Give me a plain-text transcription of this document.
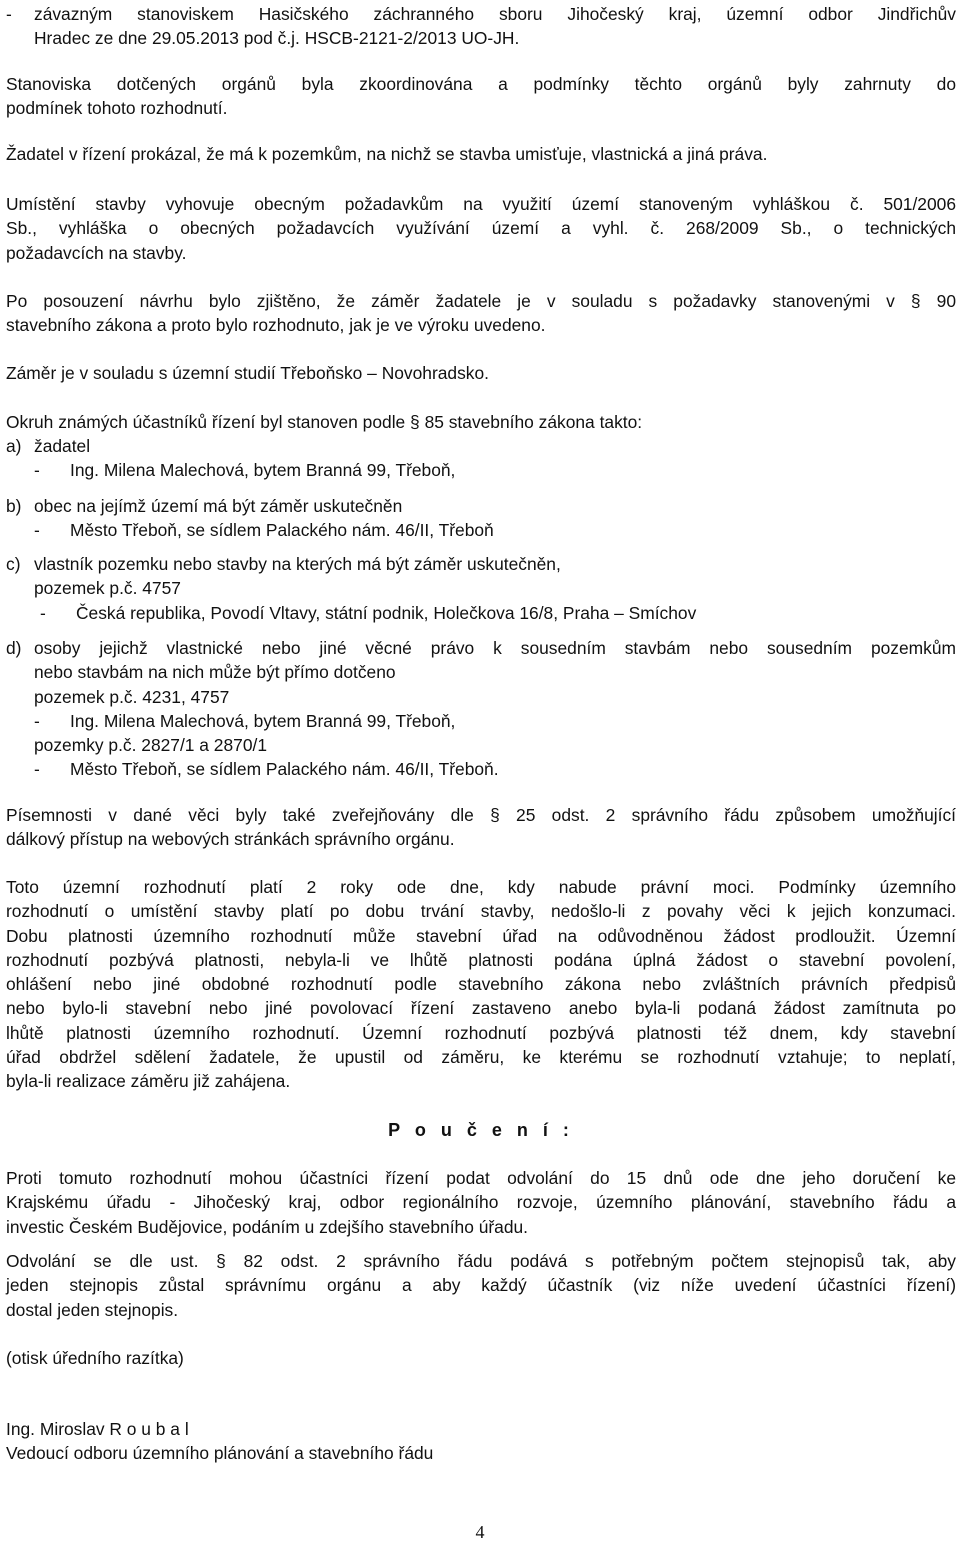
-	závazným stanoviskem Hasičského záchranného sboru Jihočeský kraj, územní odbor Jindřichův

Hradec ze dne 29.05.2013 pod č.j. HSCB-2121-2/2013 UO-JH.

Stanoviska dotčených orgánů byla zkoordinována a podmínky těchto orgánů byly zahrnuty do

podmínek tohoto rozhodnutí.

Žadatel v řízení prokázal, že má k pozemkům, na nichž se stavba umisťuje, vlastnická a jiná práva.

Umístění stavby vyhovuje obecným požadavkům na využití území stanoveným vyhláškou č. 501/2006

Sb., vyhláška o obecných požadavcích využívání území a vyhl. č. 268/2009 Sb., o technických

požadavcích na stavby.

Po posouzení návrhu bylo zjištěno, že záměr žadatele je v souladu s požadavky stanovenými v § 90

stavebního zákona a proto bylo rozhodnuto, jak je ve výroku uvedeno.

Záměr je v souladu s územní studií Třeboňsko – Novohradsko.

Okruh známých účastníků řízení byl stanoven podle § 85 stavebního zákona takto:

a) žadatel
- Ing. Milena Malechová, bytem Branná 99, Třeboň,
b) obec na jejímž území má být záměr uskutečněn
- Město Třeboň, se sídlem Palackého nám. 46/II, Třeboň
c) vlastník pozemku nebo stavby na kterých má být záměr uskutečněn,
pozemek p.č. 4757
- Česká republika, Povodí Vltavy, státní podnik, Holečkova 16/8, Praha – Smíchov
d) osoby jejichž vlastnické nebo jiné věcné právo k sousedním stavbám nebo sousedním pozemkům

nebo stavbám na nich může být přímo dotčeno

pozemek p.č. 4231, 4757
- Ing. Milena Malechová, bytem Branná 99, Třeboň,
pozemky p.č. 2827/1 a 2870/1
- Město Třeboň, se sídlem Palackého nám. 46/II, Třeboň.

Písemnosti v dané věci byly také zveřejňovány dle § 25 odst. 2 správního řádu způsobem umožňující

dálkový přístup na webových stránkách správního orgánu.

Toto územní rozhodnutí platí 2 roky ode dne, kdy nabude právní moci. Podmínky územního

rozhodnutí o umístění stavby platí po dobu trvání stavby, nedošlo-li z povahy věci k jejich konzumaci.

Dobu platnosti územního rozhodnutí může stavební úřad na odůvodněnou žádost prodloužit. Územní

rozhodnutí pozbývá platnosti, nebyla-li ve lhůtě platnosti podána úplná žádost o stavební povolení,

ohlášení nebo jiné obdobné rozhodnutí podle stavebního zákona nebo zvláštních právních předpisů

nebo bylo-li stavební nebo jiné povolovací řízení zastaveno anebo byla-li podaná žádost zamítnuta po

lhůtě platnosti územního rozhodnutí. Územní rozhodnutí pozbývá platnosti též dnem, kdy stavební

úřad obdržel sdělení žadatele, že upustil od záměru, ke kterému se rozhodnutí vztahuje; to neplatí,

byla-li realizace záměru již zahájena.

P o u č e n í :

Proti tomuto rozhodnutí mohou účastníci řízení podat odvolání do 15 dnů ode dne jeho doručení ke

Krajskému úřadu - Jihočeský kraj, odbor regionálního rozvoje, územního plánování, stavebního řádu a

investic Českém Budějovice, podáním u zdejšího stavebního úřadu.

Odvolání se dle ust. § 82 odst. 2 správního řádu podává s potřebným počtem stejnopisů tak, aby

jeden stejnopis zůstal správnímu orgánu a aby každý účastník (viz níže uvedení účastníci řízení)

dostal jeden stejnopis.

(otisk úředního razítka)

Ing. Miroslav R o u b a l

Vedoucí odboru územního plánování a stavebního řádu

4
